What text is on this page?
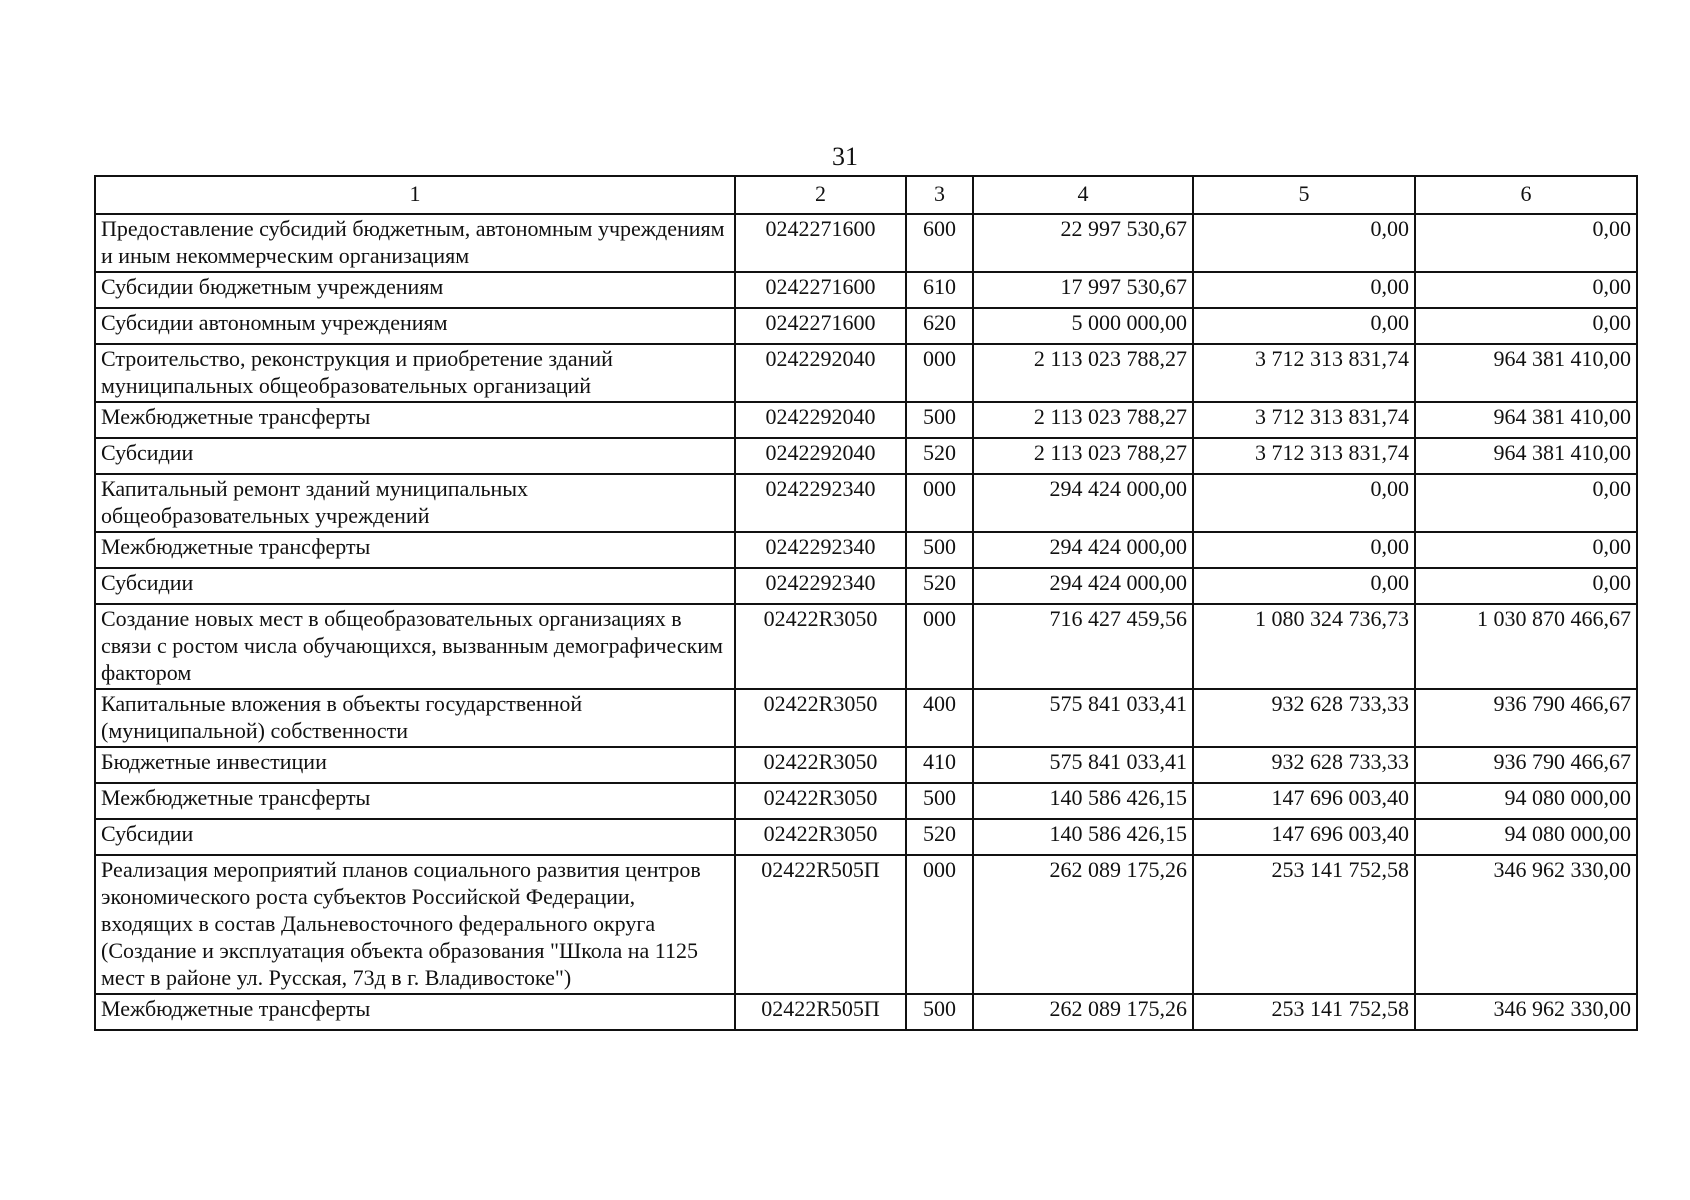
31
1	2	3	4	5	6
Предоставление субсидий бюджетным, автономным учреждениям и иным некоммерческим организациям	0242271600	600	22 997 530,67	0,00	0,00
Субсидии бюджетным учреждениям	0242271600	610	17 997 530,67	0,00	0,00
Субсидии автономным учреждениям	0242271600	620	5 000 000,00	0,00	0,00
Строительство, реконструкция и приобретение зданий муниципальных общеобразовательных организаций	0242292040	000	2 113 023 788,27	3 712 313 831,74	964 381 410,00
Межбюджетные трансферты	0242292040	500	2 113 023 788,27	3 712 313 831,74	964 381 410,00
Субсидии	0242292040	520	2 113 023 788,27	3 712 313 831,74	964 381 410,00
Капитальный ремонт зданий муниципальных общеобразовательных учреждений	0242292340	000	294 424 000,00	0,00	0,00
Межбюджетные трансферты	0242292340	500	294 424 000,00	0,00	0,00
Субсидии	0242292340	520	294 424 000,00	0,00	0,00
Создание новых мест в общеобразовательных организациях в связи с ростом числа обучающихся, вызванным демографическим фактором	02422R3050	000	716 427 459,56	1 080 324 736,73	1 030 870 466,67
Капитальные вложения в объекты государственной (муниципальной) собственности	02422R3050	400	575 841 033,41	932 628 733,33	936 790 466,67
Бюджетные инвестиции	02422R3050	410	575 841 033,41	932 628 733,33	936 790 466,67
Межбюджетные трансферты	02422R3050	500	140 586 426,15	147 696 003,40	94 080 000,00
Субсидии	02422R3050	520	140 586 426,15	147 696 003,40	94 080 000,00
Реализация мероприятий планов социального развития центров экономического роста субъектов Российской Федерации, входящих в состав Дальневосточного федерального округа (Создание и эксплуатация объекта образования "Школа на 1125 мест в районе ул. Русская, 73д в г. Владивостоке")	02422R505П	000	262 089 175,26	253 141 752,58	346 962 330,00
Межбюджетные трансферты	02422R505П	500	262 089 175,26	253 141 752,58	346 962 330,00
